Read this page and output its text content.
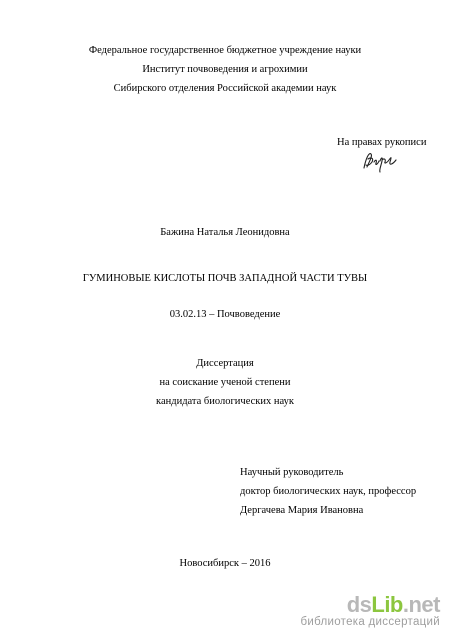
Федеральное государственное бюджетное учреждение науки
Институт почвоведения и агрохимии
Сибирского отделения Российской академии наук
На правах рукописи
Бажина Наталья Леонидовна
ГУМИНОВЫЕ КИСЛОТЫ ПОЧВ ЗАПАДНОЙ ЧАСТИ ТУВЫ
03.02.13 – Почвоведение
Диссертация
на соискание ученой степени
кандидата биологических наук
Научный руководитель
доктор биологических наук, профессор
Дергачева Мария Ивановна
Новосибирск – 2016
dsLib.net
библиотека диссертаций
